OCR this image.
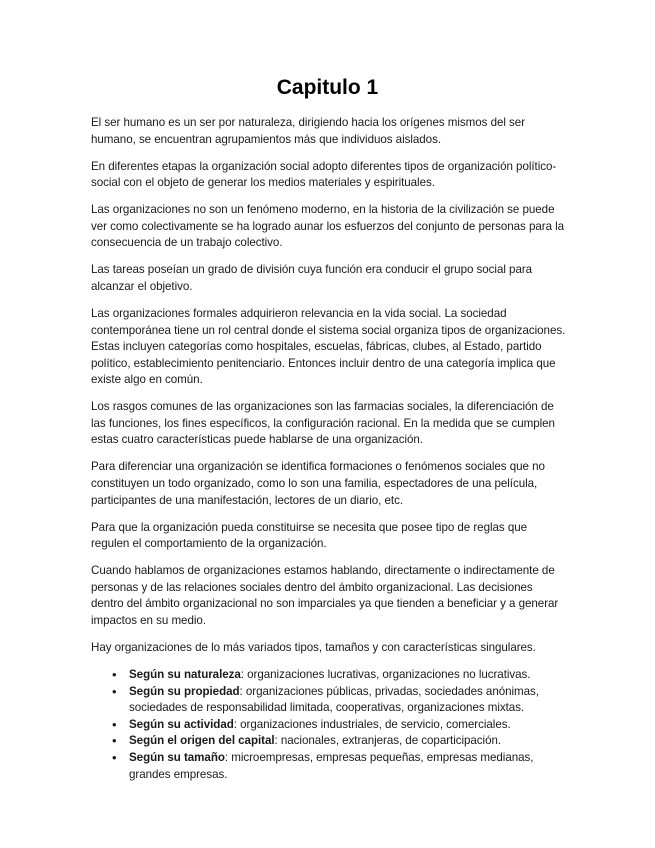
Capitulo 1

El ser humano es un ser por naturaleza, dirigiendo hacia los orígenes mismos del ser humano, se encuentran agrupamientos más que individuos aislados.

En diferentes etapas la organización social adopto diferentes tipos de organización político-social con el objeto de generar los medios materiales y espirituales.

Las organizaciones no son un fenómeno moderno, en la historia de la civilización se puede ver como colectivamente se ha logrado aunar los esfuerzos del conjunto de personas para la consecuencia de un trabajo colectivo.

Las tareas poseían un grado de división cuya función era conducir el grupo social para alcanzar el objetivo.

Las organizaciones formales adquirieron relevancia en la vida social. La sociedad contemporánea tiene un rol central donde el sistema social organiza tipos de organizaciones. Estas incluyen categorías como hospitales, escuelas, fábricas, clubes, al Estado, partido político, establecimiento penitenciario. Entonces incluir dentro de una categoría implica que existe algo en común.

Los rasgos comunes de las organizaciones son las farmacias sociales, la diferenciación de las funciones, los fines específicos, la configuración racional. En la medida que se cumplen estas cuatro características puede hablarse de una organización.

Para diferenciar una organización se identifica formaciones o fenómenos sociales que no constituyen un todo organizado, como lo son una familia, espectadores de una película, participantes de una manifestación, lectores de un diario, etc.

Para que la organización pueda constituirse se necesita que posee tipo de reglas que regulen el comportamiento de la organización.

Cuando hablamos de organizaciones estamos hablando, directamente o indirectamente de personas y de las relaciones sociales dentro del ámbito organizacional. Las decisiones dentro del ámbito organizacional no son imparciales ya que tienden a beneficiar y a generar impactos en su medio.

Hay organizaciones de lo más variados tipos, tamaños y con características singulares.

• Según su naturaleza: organizaciones lucrativas, organizaciones no lucrativas.
• Según su propiedad: organizaciones públicas, privadas, sociedades anónimas, sociedades de responsabilidad limitada, cooperativas, organizaciones mixtas.
• Según su actividad: organizaciones industriales, de servicio, comerciales.
• Según el origen del capital: nacionales, extranjeras, de coparticipación.
• Según su tamaño: microempresas, empresas pequeñas, empresas medianas, grandes empresas.
